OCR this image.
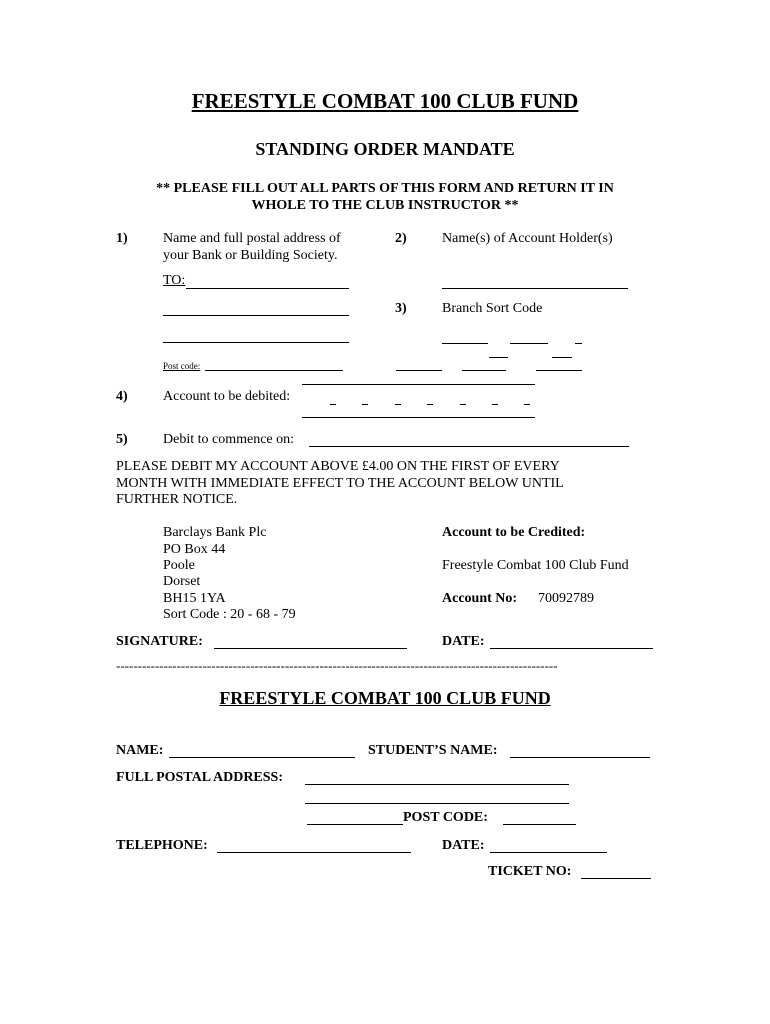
FREESTYLE COMBAT 100 CLUB FUND
STANDING ORDER MANDATE
** PLEASE FILL OUT ALL PARTS OF THIS FORM AND RETURN IT IN
WHOLE TO THE CLUB INSTRUCTOR **
1)	Name and full postal address of
your Bank or Building Society.
TO:
Post code:
2)	Name(s) of Account Holder(s)
3)	Branch Sort Code
4)	Account to be debited:
5)	Debit to commence on:
PLEASE DEBIT MY ACCOUNT ABOVE £4.00 ON THE FIRST OF EVERY
MONTH WITH IMMEDIATE EFFECT TO THE ACCOUNT BELOW UNTIL
FURTHER NOTICE.
Barclays Bank Plc
PO Box 44
Poole
Dorset
BH15 1YA
Sort Code : 20 - 68 - 79
Account to be Credited:
Freestyle Combat 100 Club Fund
Account No: 70092789
SIGNATURE:	DATE:
------------------------------------------------------------------------------------------------------
FREESTYLE COMBAT 100 CLUB FUND
NAME:	STUDENT’S NAME:
FULL POSTAL ADDRESS:
POST CODE:
TELEPHONE:	DATE:
TICKET NO:
